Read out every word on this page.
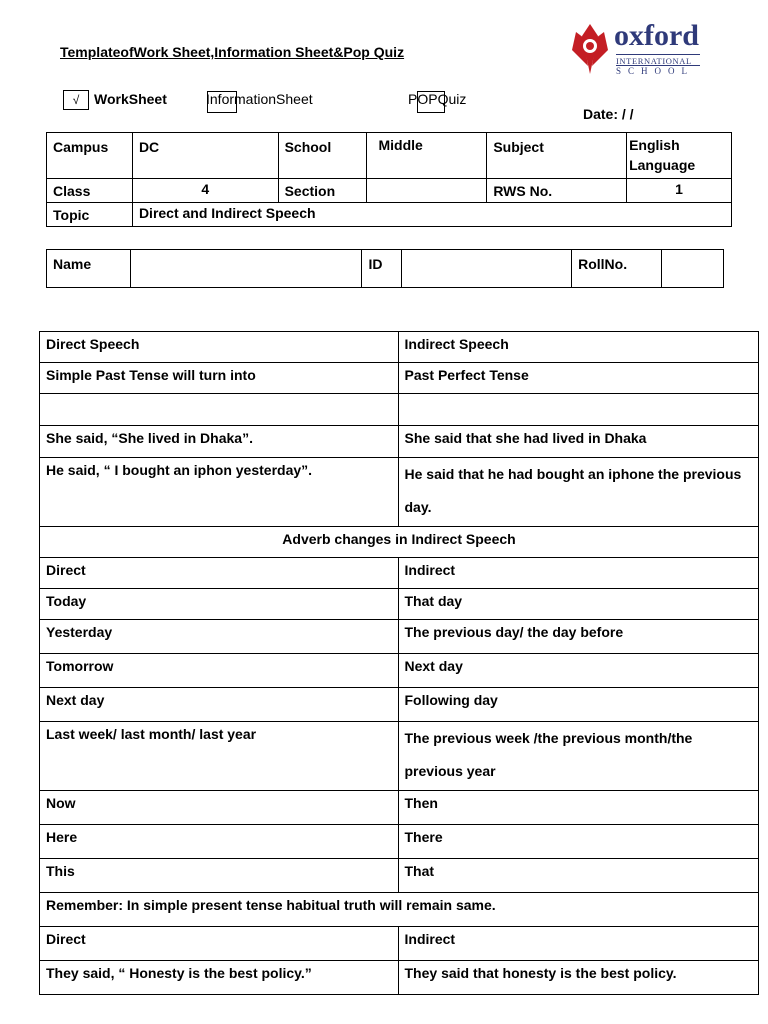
TemplateofWork Sheet,Information Sheet&Pop Quiz	oxford
INTERNATIONAL
SCHOOL
√	WorkSheet	InformationSheet	POPQuiz
Date: / /
Campus	DC	School	Middle	Subject	English Language
Class	4	Section		RWS No.	1
Topic	Direct and Indirect Speech				
Name		ID		RollNo.	
Direct Speech	Indirect Speech
Simple Past Tense will turn into	Past Perfect Tense

She said, “She lived in Dhaka”.	She said that she had lived in Dhaka
He said, “ I bought an iphon yesterday”.	He said that he had bought an iphone the previous day.
Adverb changes in Indirect Speech	
Direct	Indirect
Today	That day
Yesterday	The previous day/ the day before
Tomorrow	Next day
Next day	Following day
Last week/ last month/ last year	The previous week /the previous month/the previous year
Now	Then
Here	There
This	That
Remember: In simple present tense habitual truth will remain same.	
Direct	Indirect
They said, “ Honesty is the best policy.”	They said that honesty is the best policy.
